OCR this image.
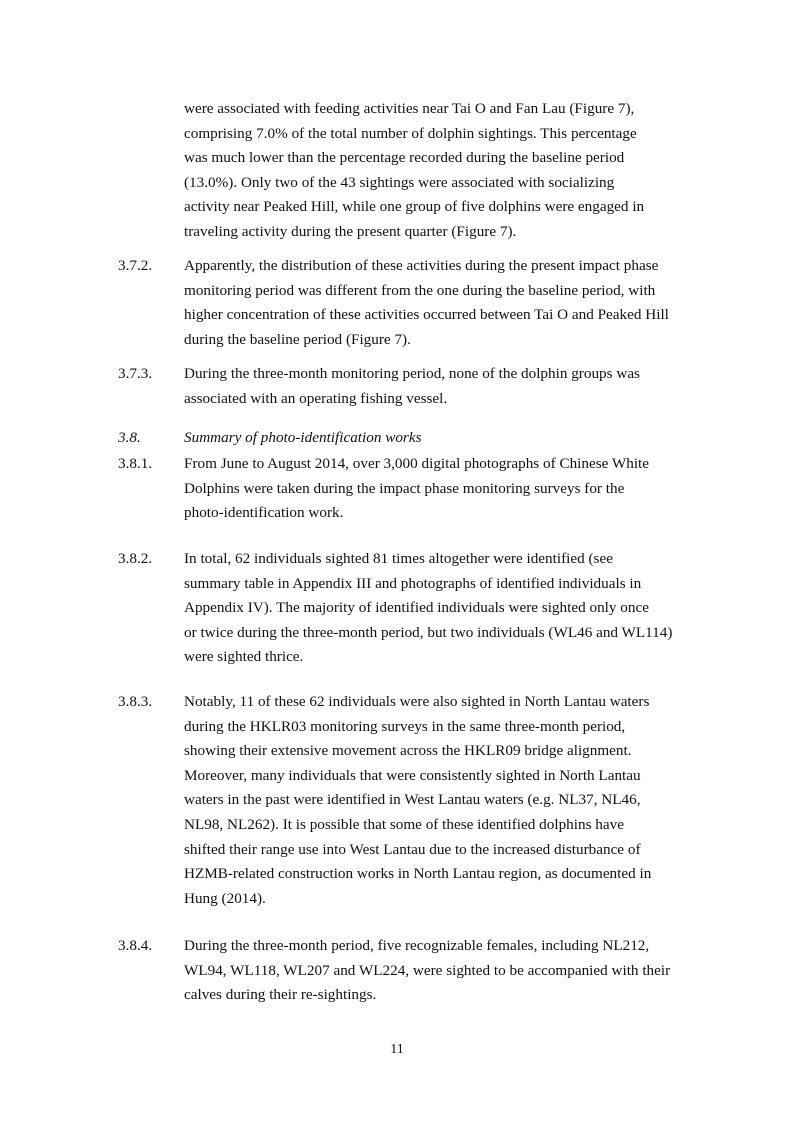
were associated with feeding activities near Tai O and Fan Lau (Figure 7),
comprising 7.0% of the total number of dolphin sightings. This percentage
was much lower than the percentage recorded during the baseline period
(13.0%). Only two of the 43 sightings were associated with socializing
activity near Peaked Hill, while one group of five dolphins were engaged in
traveling activity during the present quarter (Figure 7).
3.7.2. Apparently, the distribution of these activities during the present impact phase
monitoring period was different from the one during the baseline period, with
higher concentration of these activities occurred between Tai O and Peaked Hill
during the baseline period (Figure 7).
3.7.3. During the three-month monitoring period, none of the dolphin groups was
associated with an operating fishing vessel.
3.8.	Summary of photo-identification works
3.8.1. From June to August 2014, over 3,000 digital photographs of Chinese White
Dolphins were taken during the impact phase monitoring surveys for the
photo-identification work.
3.8.2. In total, 62 individuals sighted 81 times altogether were identified (see
summary table in Appendix III and photographs of identified individuals in
Appendix IV). The majority of identified individuals were sighted only once
or twice during the three-month period, but two individuals (WL46 and WL114)
were sighted thrice.
3.8.3. Notably, 11 of these 62 individuals were also sighted in North Lantau waters
during the HKLR03 monitoring surveys in the same three-month period,
showing their extensive movement across the HKLR09 bridge alignment.
Moreover, many individuals that were consistently sighted in North Lantau
waters in the past were identified in West Lantau waters (e.g. NL37, NL46,
NL98, NL262). It is possible that some of these identified dolphins have
shifted their range use into West Lantau due to the increased disturbance of
HZMB-related construction works in North Lantau region, as documented in
Hung (2014).
3.8.4. During the three-month period, five recognizable females, including NL212,
WL94, WL118, WL207 and WL224, were sighted to be accompanied with their
calves during their re-sightings.
11
